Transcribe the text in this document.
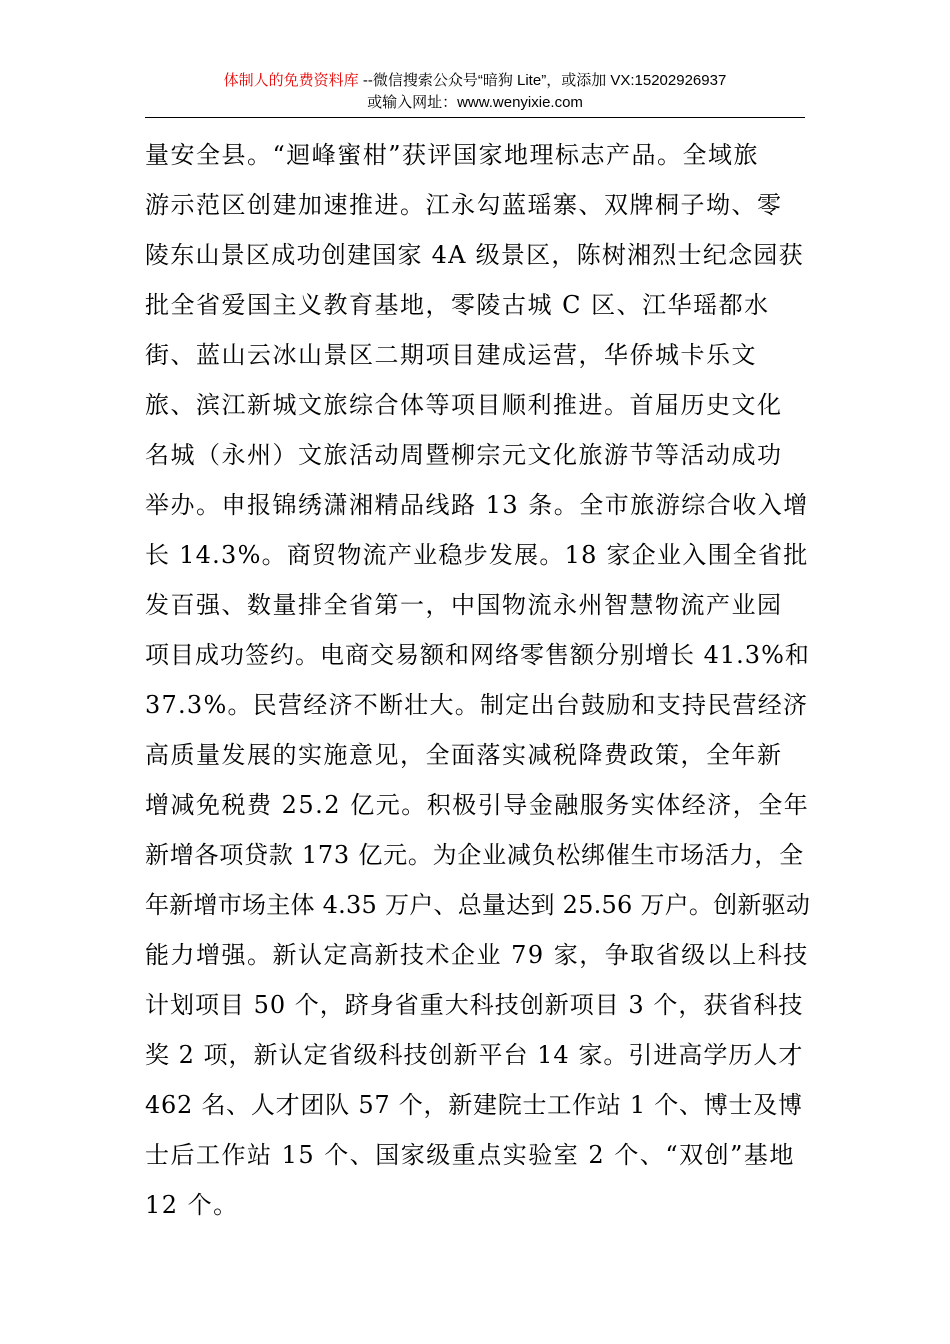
体制人的免费资料库 --微信搜索公众号“暗狗 Lite”，或添加 VX:15202926937
或输入网址：www.wenyixie.com
量安全县。“迴峰蜜柑”获评国家地理标志产品。全域旅
游示范区创建加速推进。江永勾蓝瑶寨、双牌桐子坳、零
陵东山景区成功创建国家 4A 级景区，陈树湘烈士纪念园获
批全省爱国主义教育基地，零陵古城 C 区、江华瑶都水
街、蓝山云冰山景区二期项目建成运营，华侨城卡乐文
旅、滨江新城文旅综合体等项目顺利推进。首届历史文化
名城（永州）文旅活动周暨柳宗元文化旅游节等活动成功
举办。申报锦绣潇湘精品线路 13 条。全市旅游综合收入增
长 14.3%。商贸物流产业稳步发展。18 家企业入围全省批
发百强、数量排全省第一，中国物流永州智慧物流产业园
项目成功签约。电商交易额和网络零售额分别增长 41.3%和
37.3%。民营经济不断壮大。制定出台鼓励和支持民营经济
高质量发展的实施意见，全面落实减税降费政策，全年新
增减免税费 25.2 亿元。积极引导金融服务实体经济，全年
新增各项贷款 173 亿元。为企业减负松绑催生市场活力，全
年新增市场主体 4.35 万户、总量达到 25.56 万户。创新驱动
能力增强。新认定高新技术企业 79 家，争取省级以上科技
计划项目 50 个，跻身省重大科技创新项目 3 个，获省科技
奖 2 项，新认定省级科技创新平台 14 家。引进高学历人才
462 名、人才团队 57 个，新建院士工作站 1 个、博士及博
士后工作站 15 个、国家级重点实验室 2 个、“双创”基地
12 个。
